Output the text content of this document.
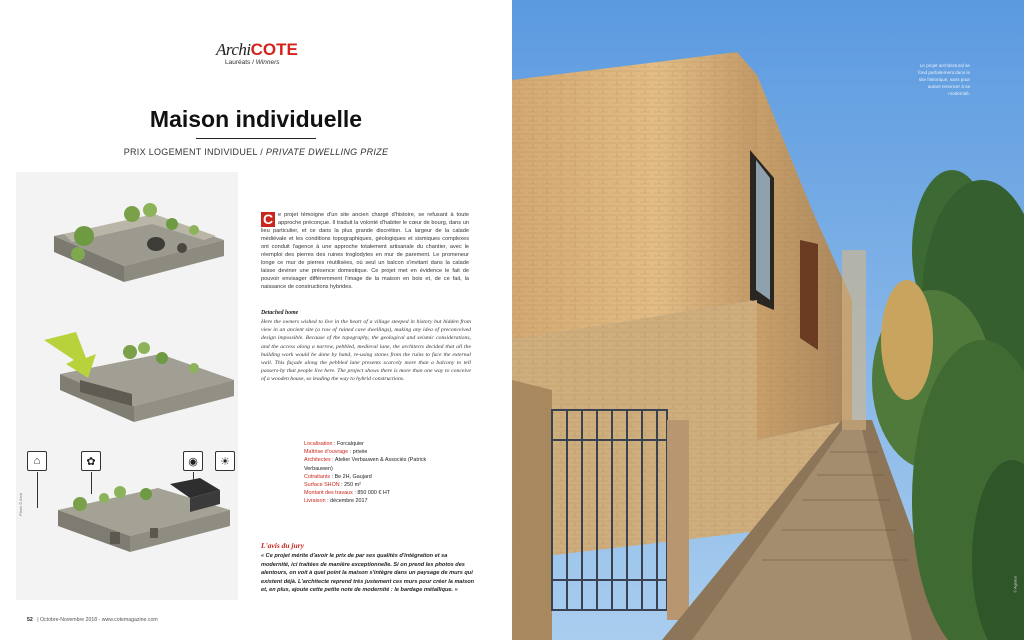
ArchiCOTE
Lauréats / Winners
Maison individuelle
PRIX LOGEMENT INDIVIDUEL / PRIVATE DWELLING PRIZE
⌂	✿	◉	☀
Plans © Arch
C e projet témoigne d'un site ancien chargé d'histoire, se refusant à toute approche préconçue. Il traduit la volonté d'habiter le cœur de bourg, dans un lieu particulier, et ce dans la plus grande discrétion. La largeur de la calade médiévale et les conditions topographiques, géologiques et sismiques complexes ont conduit l'agence à une approche totalement artisanale du chantier, avec le réemploi des pierres des ruines troglodytes en mur de parement. Le promeneur longe ce mur de pierres réutilisées, où seul un balcon s'invitant dans la calade laisse deviner une présence domestique. Ce projet met en évidence le fait de pouvoir envisager différemment l'image de la maison en bois et, de ce fait, la naissance de constructions hybrides.
Detached home
Here the owners wished to live in the heart of a village steeped in history but hidden from view in an ancient site (a row of ruined cave dwellings), making any idea of preconceived design impossible. Because of the topography, the geological and seismic considerations, and the access along a narrow, pebbled, medieval lane, the architects decided that all the building work would be done by hand, re-using stones from the ruins to face the external wall. This façade along the pebbled lane presents scarcely more than a balcony to tell passers-by that people live here. The project shows there is more than one way to conceive of a wooden house, so leading the way to hybrid constructions.
Localisation : Forcalquier
Maîtrise d'ouvrage : privée
Architectes : Atelier Verbauwen & Associés (Patrick Verbauwen)
Cotraitants : Be 2H, Gaujard
Surface SHON : 250 m²
Montant des travaux : 850 000 € HT
Livraison : décembre 2017
L'avis du jury
« Ce projet mérite d'avoir le prix de par ses qualités d'intégration et sa modernité, ici traitées de manière exceptionnelle. Si on prend les photos des alentours, on voit à quel point la maison s'intègre dans un paysage de murs qui existent déjà. L'architecte reprend très justement ces murs pour créer la maison et, en plus, ajoute cette petite note de modernité : le bardage métallique. »
52 | Octobre-Novembre 2018 - www.cotemagazine.com
Le projet architectural se fond parfaitement dans le site historique, sans pour autant renoncer à sa modernité.
© Agence
